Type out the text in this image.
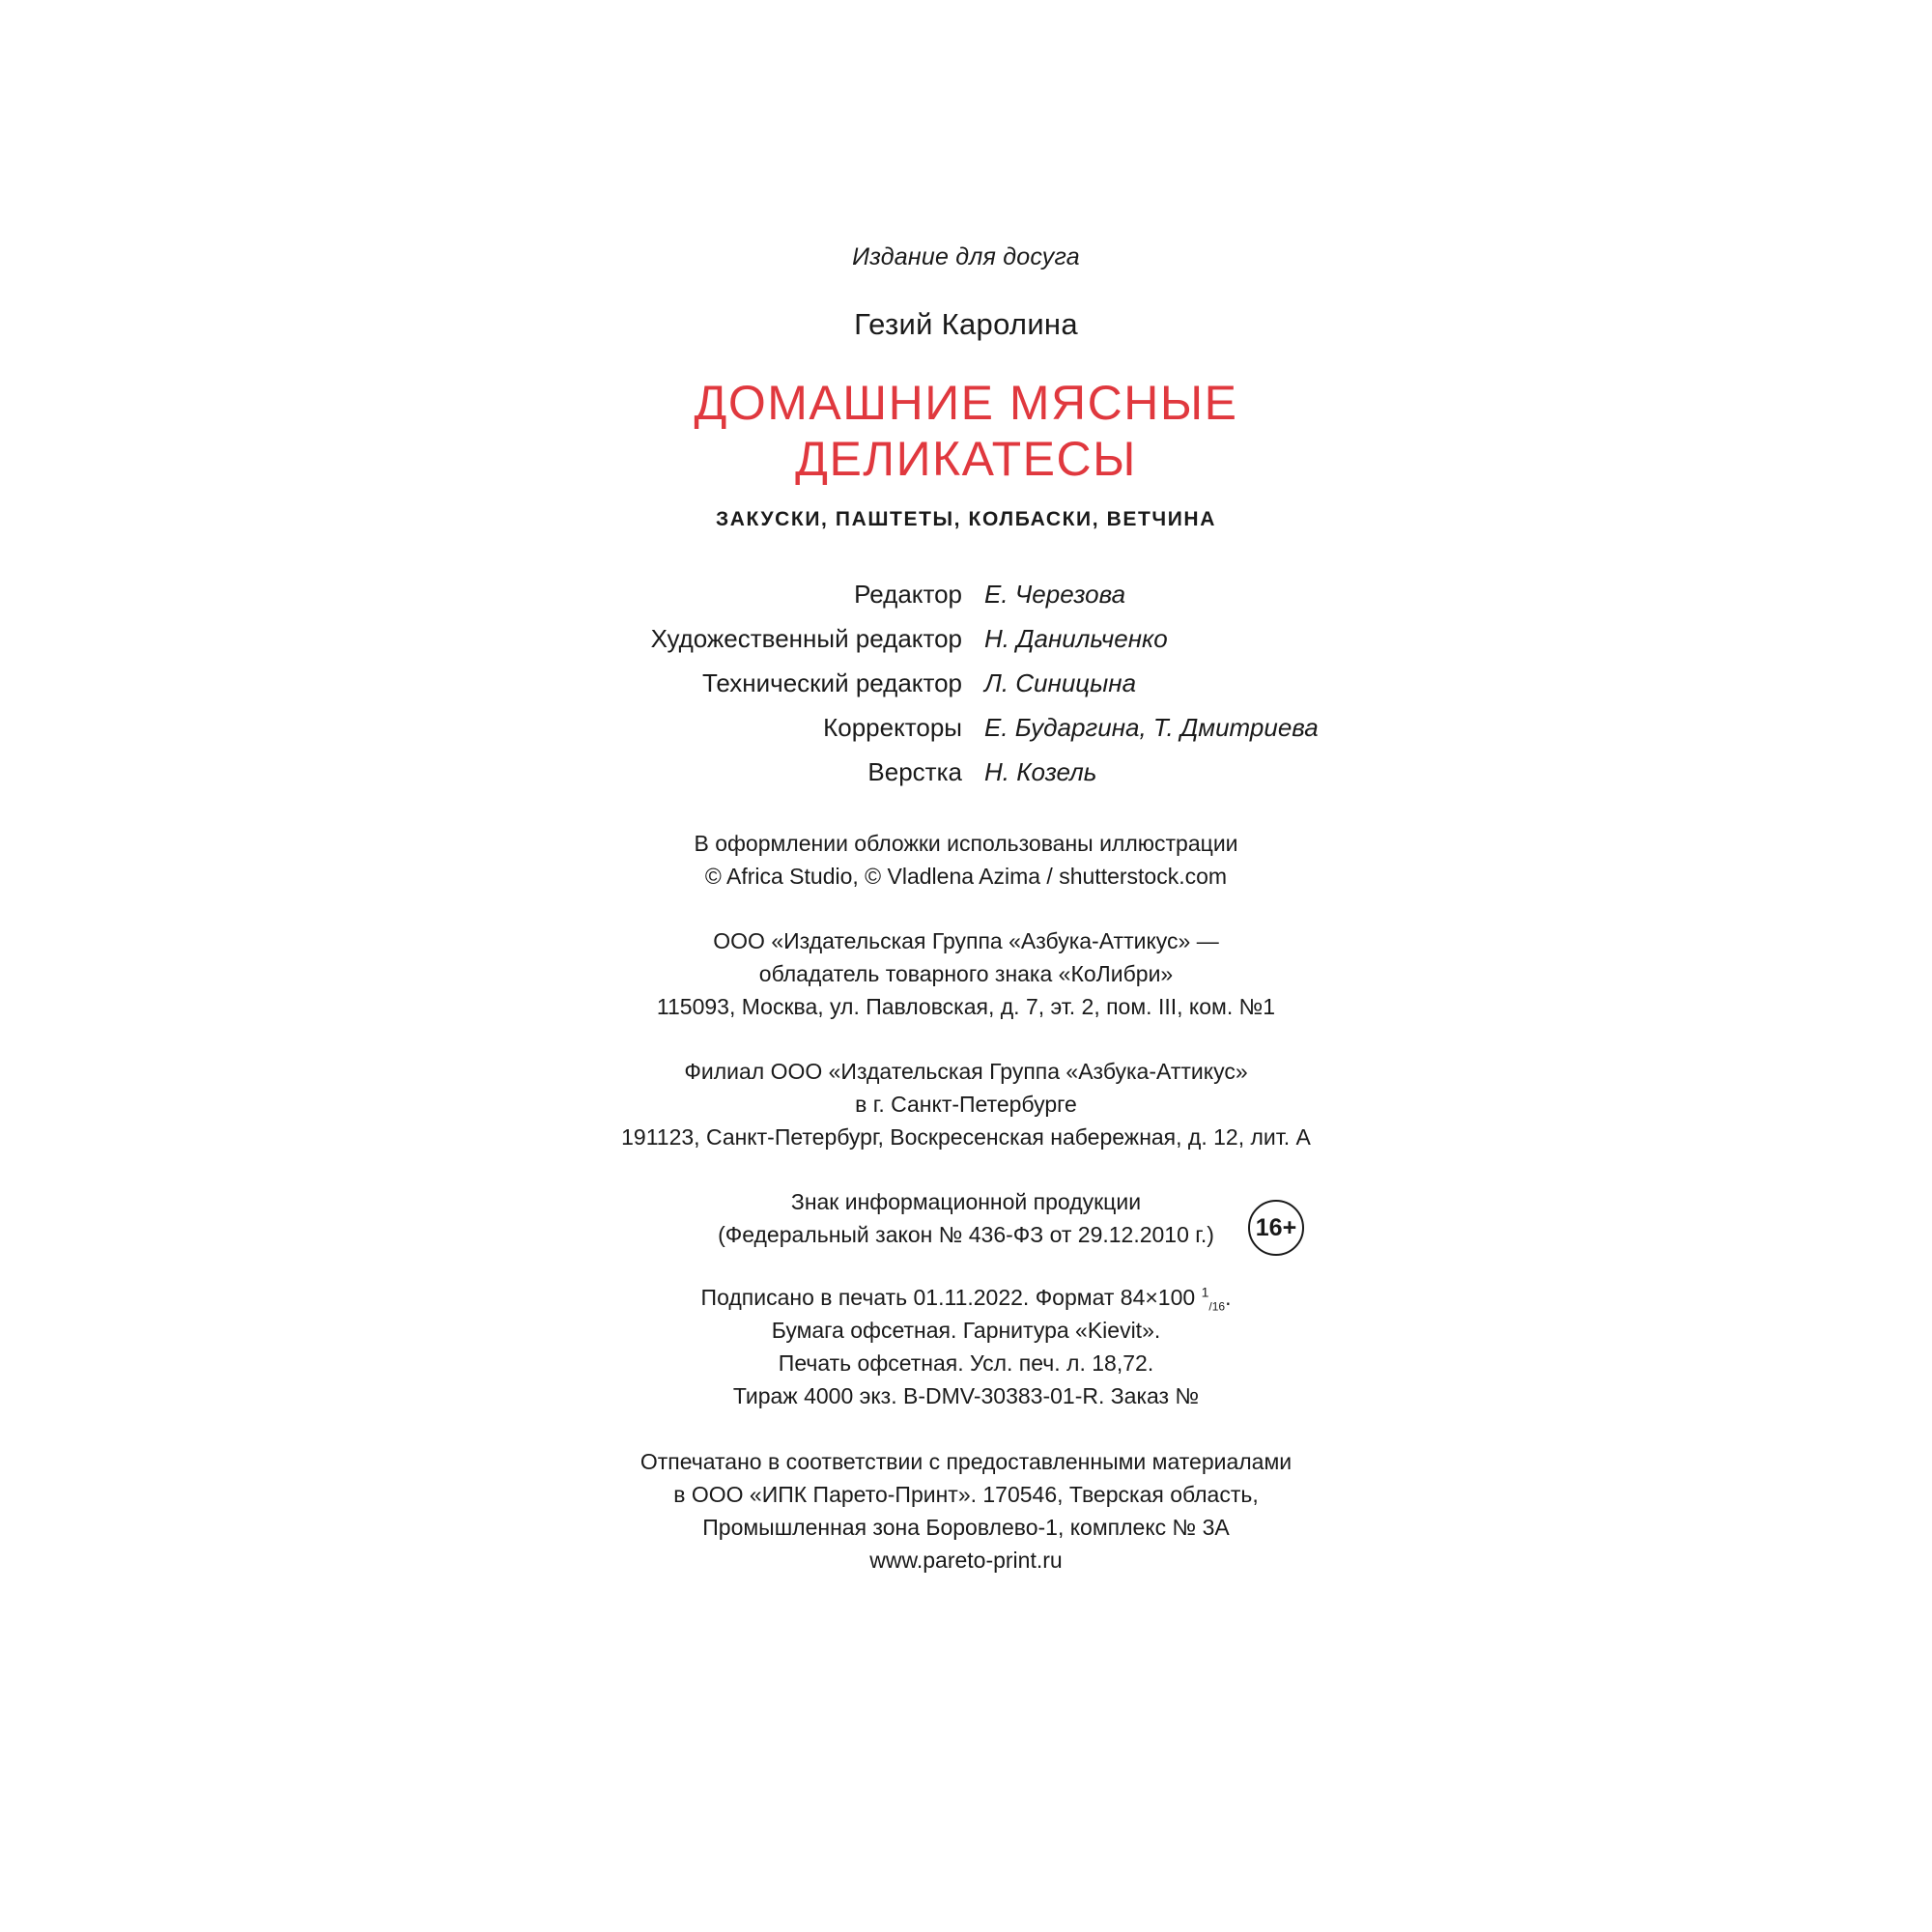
Издание для досуга
Гезий Каролина
ДОМАШНИЕ МЯСНЫЕ
ДЕЛИКАТЕСЫ
ЗАКУСКИ, ПАШТЕТЫ, КОЛБАСКИ, ВЕТЧИНА
Редактор Е. Черезова
Художественный редактор Н. Данильченко
Технический редактор Л. Синицына
Корректоры Е. Бударгина, Т. Дмитриева
Верстка Н. Козель
В оформлении обложки использованы иллюстрации
© Africa Studio, © Vladlena Azima / shutterstock.com
ООО «Издательская Группа «Азбука-Аттикус» —
обладатель товарного знака «КоЛибри»
115093, Москва, ул. Павловская, д. 7, эт. 2, пом. III, ком. №1
Филиал ООО «Издательская Группа «Азбука-Аттикус»
в г. Санкт-Петербурге
191123, Санкт-Петербург, Воскресенская набережная, д. 12, лит. А
Знак информационной продукции
(Федеральный закон № 436-ФЗ от 29.12.2010 г.)	16+
Подписано в печать 01.11.2022. Формат 84×100 $^1_{/16}$.
Бумага офсетная. Гарнитура «Kievit».
Печать офсетная. Усл. печ. л. 18,72.
Тираж 4000 экз. B-DMV-30383-01-R. Заказ №
Отпечатано в соответствии с предоставленными материалами
в ООО «ИПК Парето-Принт». 170546, Тверская область,
Промышленная зона Боровлево-1, комплекс № 3А
www.pareto-print.ru
